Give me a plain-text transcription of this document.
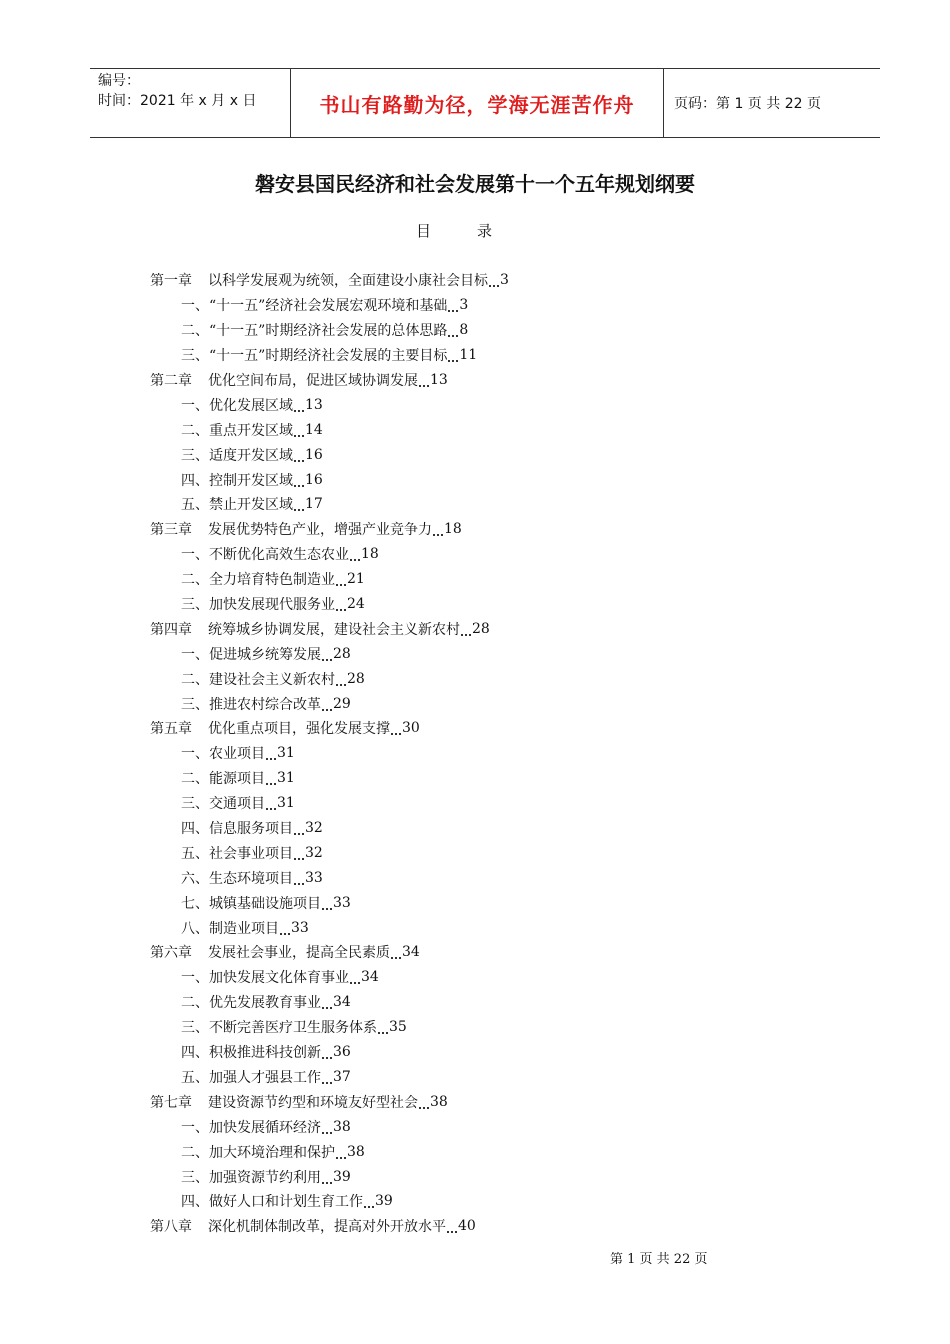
编号：
时间：2021 年 x 月 x 日	书山有路勤为径，学海无涯苦作舟	页码：第 1 页 共 22 页
磐安县国民经济和社会发展第十一个五年规划纲要
目录
第一章 以科学发展观为统领，全面建设小康社会目标 3
一、 “十一五”经济社会发展宏观环境和基础 3
二、 “十一五”时期经济社会发展的总体思路 8
三、 “十一五”时期经济社会发展的主要目标 11
第二章 优化空间布局，促进区域协调发展 13
一、 优化发展区域 13
二、 重点开发区域 14
三、 适度开发区域 16
四、 控制开发区域 16
五、 禁止开发区域 17
第三章 发展优势特色产业，增强产业竞争力 18
一、 不断优化高效生态农业 18
二、 全力培育特色制造业 21
三、 加快发展现代服务业 24
第四章 统筹城乡协调发展，建设社会主义新农村 28
一、 促进城乡统筹发展 28
二、 建设社会主义新农村 28
三、 推进农村综合改革 29
第五章 优化重点项目，强化发展支撑 30
一、 农业项目 31
二、 能源项目 31
三、 交通项目 31
四、 信息服务项目 32
五、 社会事业项目 32
六、 生态环境项目 33
七、 城镇基础设施项目 33
八、 制造业项目 33
第六章 发展社会事业，提高全民素质 34
一、 加快发展文化体育事业 34
二、 优先发展教育事业 34
三、 不断完善医疗卫生服务体系 35
四、 积极推进科技创新 36
五、 加强人才强县工作 37
第七章 建设资源节约型和环境友好型社会 38
一、 加快发展循环经济 38
二、 加大环境治理和保护 38
三、 加强资源节约利用 39
四、 做好人口和计划生育工作 39
第八章 深化机制体制改革，提高对外开放水平 40
第 1 页 共 22 页
